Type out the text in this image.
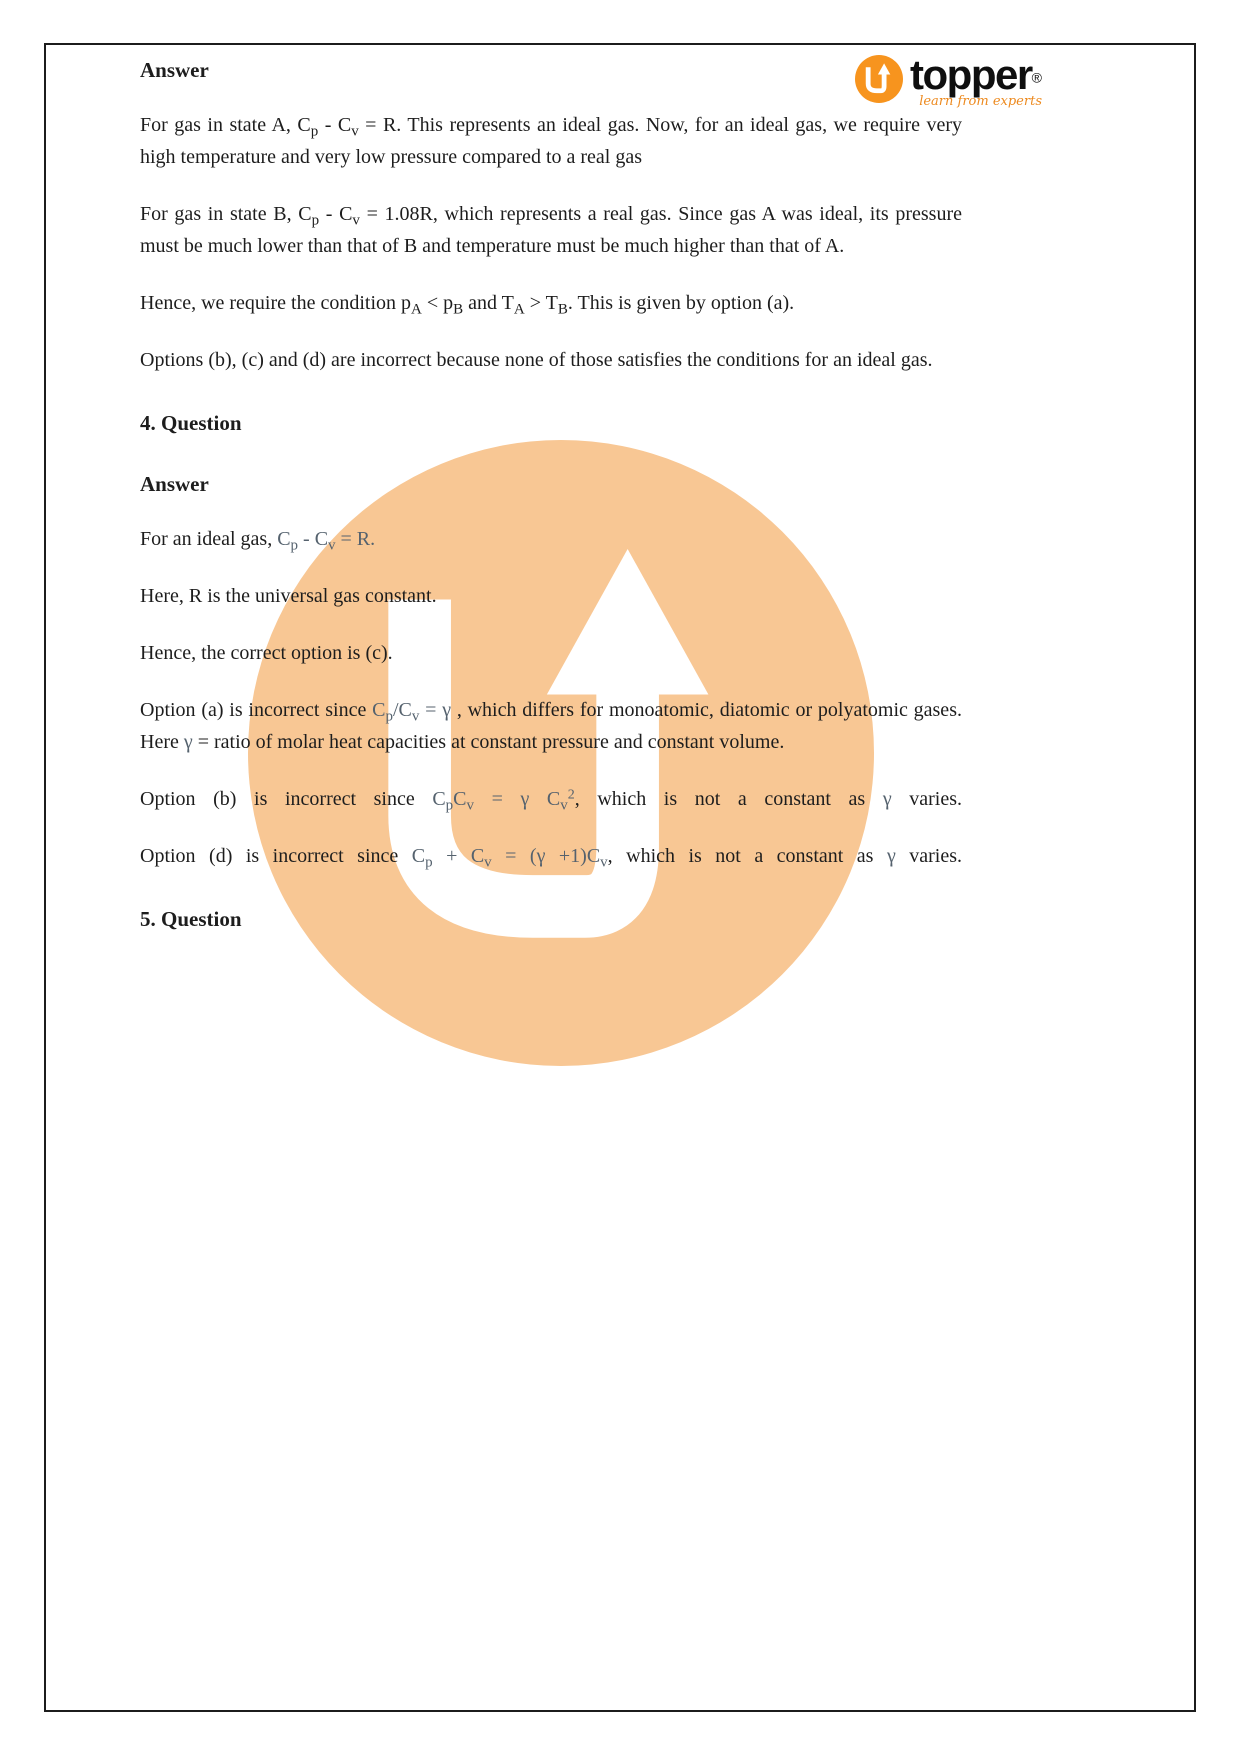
topper®
learn from experts
Answer

For gas in state A, $C_p - C_v = R$. This represents an ideal gas. Now, for an ideal gas, we require very high temperature and very low pressure compared to a real gas

For gas in state B, $C_p - C_v = 1.08R$, which represents a real gas. Since gas A was ideal, its pressure must be much lower than that of B and temperature must be much higher than that of A.

Hence, we require the condition $p_A < p_B$ and $T_A > T_B$. This is given by option (a).

Options (b), (c) and (d) are incorrect because none of those satisfies the conditions for an ideal gas.

4. Question
Answer

For an ideal gas, $C_p - C_v = R$.

Here, R is the universal gas constant.

Hence, the correct option is (c).

Option (a) is incorrect since $C_p/C_v = \gamma$ , which differs for monoatomic, diatomic or polyatomic gases. Here γ = ratio of molar heat capacities at constant pressure and constant volume.

Option (b) is incorrect since $C_pC_v = \gamma$ $C_v^2$, which is not a constant as γ varies.

Option (d) is incorrect since $C_p + C_v = (\gamma +1)C_v$, which is not a constant as γ varies.

5. Question
